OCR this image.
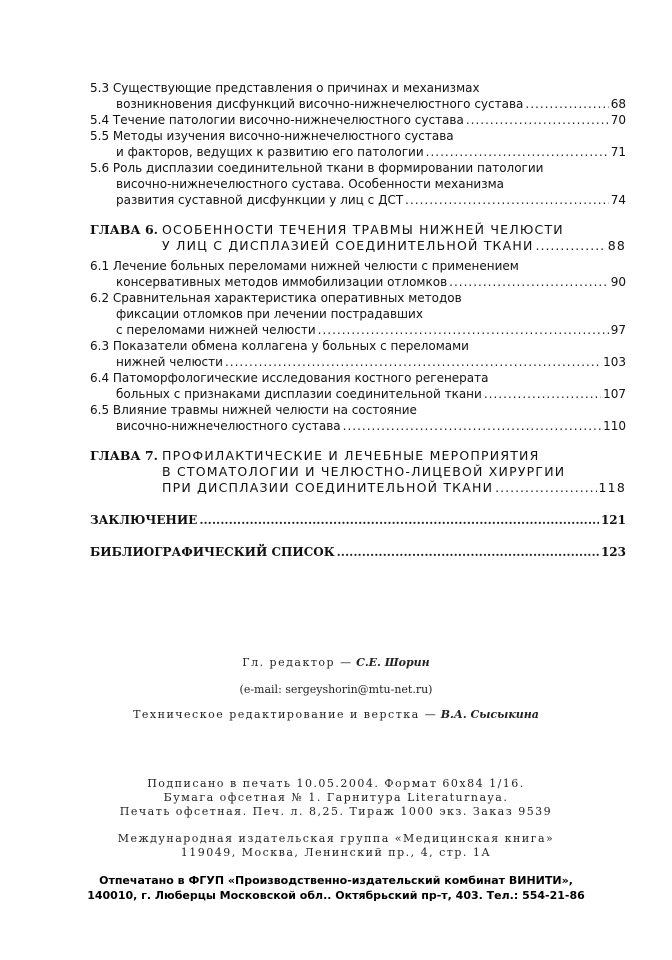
5.3 Существующие представления о причинах и механизмах
возникновения дисфункций височно-нижнечелюстного сустава .....	68
5.4 Течение патологии височно-нижнечелюстного сустава .....	70
5.5 Методы изучения височно-нижнечелюстного сустава
и факторов, ведущих к развитию его патологии .....	71
5.6 Роль дисплазии соединительной ткани в формировании патологии
височно-нижнечелюстного сустава. Особенности механизма
развития суставной дисфункции у лиц с ДСТ .....	74
ГЛАВА 6. ОСОБЕННОСТИ ТЕЧЕНИЯ ТРАВМЫ НИЖНЕЙ ЧЕЛЮСТИ
У ЛИЦ С ДИСПЛАЗИЕЙ СОЕДИНИТЕЛЬНОЙ ТКАНИ .....	88
6.1 Лечение больных переломами нижней челюсти с применением
консервативных методов иммобилизации отломков .....	90
6.2 Сравнительная характеристика оперативных методов
фиксации отломков при лечении пострадавших
с переломами нижней челюсти .....	97
6.3 Показатели обмена коллагена у больных с переломами
нижней челюсти .....	103
6.4 Патоморфологические исследования костного регенерата
больных с признаками дисплазии соединительной ткани .....	107
6.5 Влияние травмы нижней челюсти на состояние
височно-нижнечелюстного сустава .....	110
ГЛАВА 7. ПРОФИЛАКТИЧЕСКИЕ И ЛЕЧЕБНЫЕ МЕРОПРИЯТИЯ
В СТОМАТОЛОГИИ И ЧЕЛЮСТНО-ЛИЦЕВОЙ ХИРУРГИИ
ПРИ ДИСПЛАЗИИ СОЕДИНИТЕЛЬНОЙ ТКАНИ .....	118
ЗАКЛЮЧЕНИЕ .....	121
БИБЛИОГРАФИЧЕСКИЙ СПИСОК .....	123
Гл. редактор — С.Е. Шорин
(e-mail: sergeyshorin@mtu-net.ru)
Техническое редактирование и верстка — В.А. Сысыкина
Подписано в печать 10.05.2004. Формат 60x84 1/16.
Бумага офсетная № 1. Гарнитура Literaturnaya.
Печать офсетная. Печ. л. 8,25. Тираж 1000 экз. Заказ 9539
Международная издательская группа «Медицинская книга»
119049, Москва, Ленинский пр., 4, стр. 1А
Отпечатано в ФГУП «Производственно-издательский комбинат ВИНИТИ»,
140010, г. Люберцы Московской обл.. Октябрьский пр-т, 403. Тел.: 554-21-86
